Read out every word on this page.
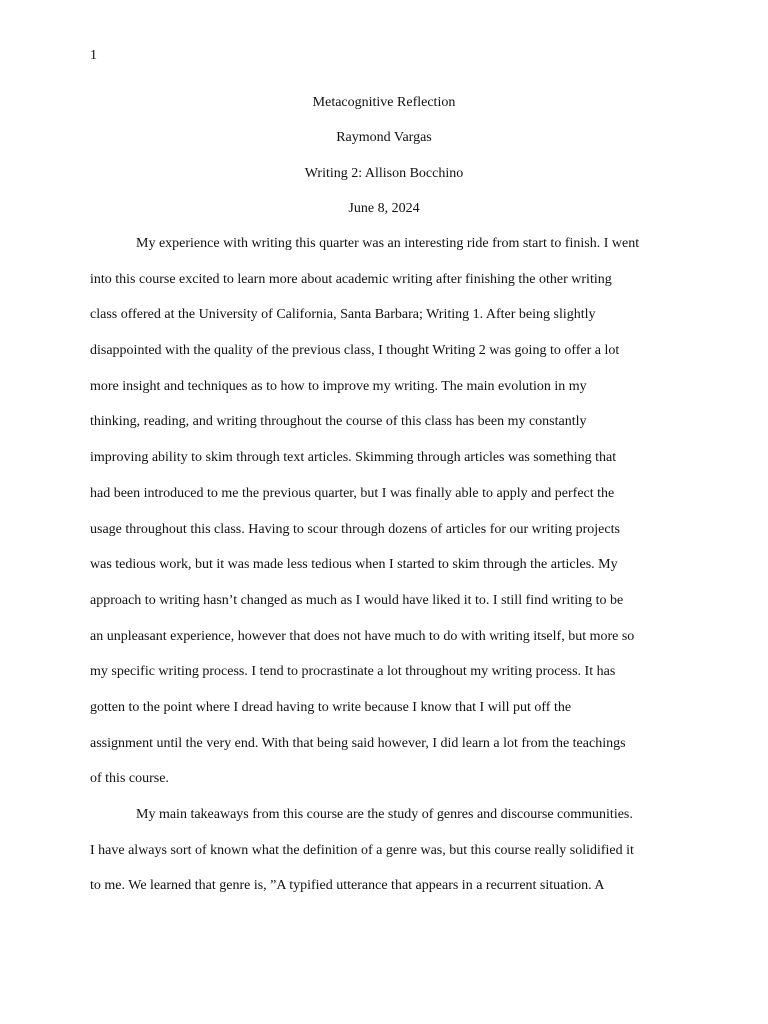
1
Metacognitive Reflection
Raymond Vargas
Writing 2: Allison Bocchino
June 8, 2024
My experience with writing this quarter was an interesting ride from start to finish. I went
into this course excited to learn more about academic writing after finishing the other writing
class offered at the University of California, Santa Barbara; Writing 1. After being slightly
disappointed with the quality of the previous class, I thought Writing 2 was going to offer a lot
more insight and techniques as to how to improve my writing. The main evolution in my
thinking, reading, and writing throughout the course of this class has been my constantly
improving ability to skim through text articles. Skimming through articles was something that
had been introduced to me the previous quarter, but I was finally able to apply and perfect the
usage throughout this class. Having to scour through dozens of articles for our writing projects
was tedious work, but it was made less tedious when I started to skim through the articles. My
approach to writing hasn’t changed as much as I would have liked it to. I still find writing to be
an unpleasant experience, however that does not have much to do with writing itself, but more so
my specific writing process. I tend to procrastinate a lot throughout my writing process. It has
gotten to the point where I dread having to write because I know that I will put off the
assignment until the very end. With that being said however, I did learn a lot from the teachings
of this course.
My main takeaways from this course are the study of genres and discourse communities.
I have always sort of known what the definition of a genre was, but this course really solidified it
to me. We learned that genre is, ”A typified utterance that appears in a recurrent situation. A
